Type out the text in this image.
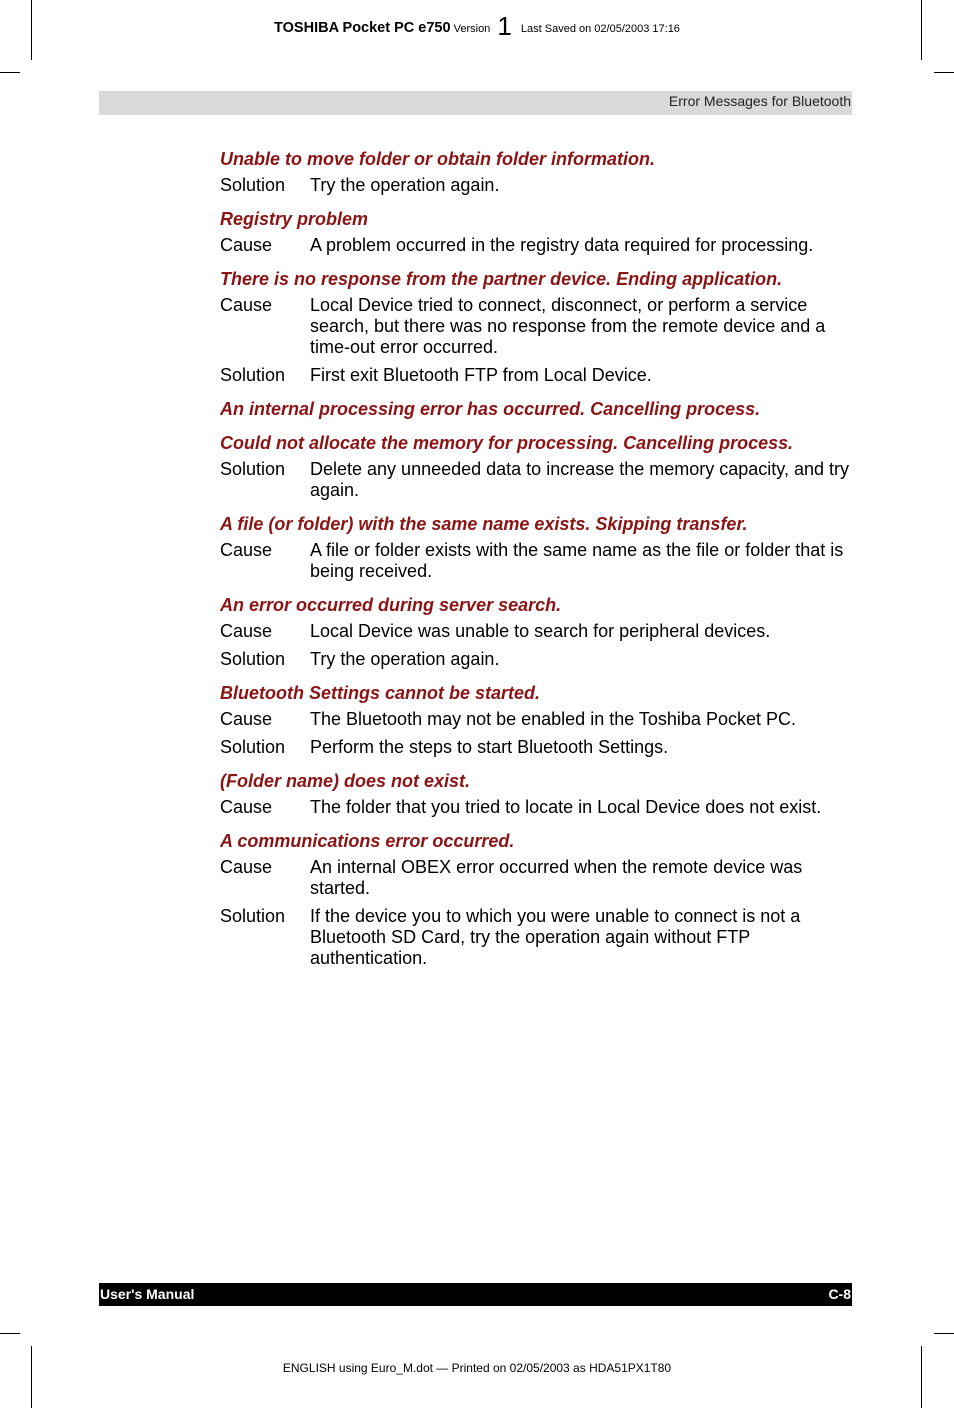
TOSHIBA Pocket PC e750 Version 1 Last Saved on 02/05/2003 17:16
Error Messages for Bluetooth
Unable to move folder or obtain folder information.
Solution	Try the operation again.
Registry problem
Cause	A problem occurred in the registry data required for processing.
There is no response from the partner device. Ending application.
Cause	Local Device tried to connect, disconnect, or perform a service search, but there was no response from the remote device and a time-out error occurred.
Solution	First exit Bluetooth FTP from Local Device.
An internal processing error has occurred. Cancelling process.
Could not allocate the memory for processing. Cancelling process.
Solution	Delete any unneeded data to increase the memory capacity, and try again.
A file (or folder) with the same name exists. Skipping transfer.
Cause	A file or folder exists with the same name as the file or folder that is being received.
An error occurred during server search.
Cause	Local Device was unable to search for peripheral devices.
Solution	Try the operation again.
Bluetooth Settings cannot be started.
Cause	The Bluetooth may not be enabled in the Toshiba Pocket PC.
Solution	Perform the steps to start Bluetooth Settings.
(Folder name) does not exist.
Cause	The folder that you tried to locate in Local Device does not exist.
A communications error occurred.
Cause	An internal OBEX error occurred when the remote device was started.
Solution	If the device you to which you were unable to connect is not a Bluetooth SD Card, try the operation again without FTP authentication.
User's Manual	C-8
ENGLISH using Euro_M.dot — Printed on 02/05/2003 as HDA51PX1T80
